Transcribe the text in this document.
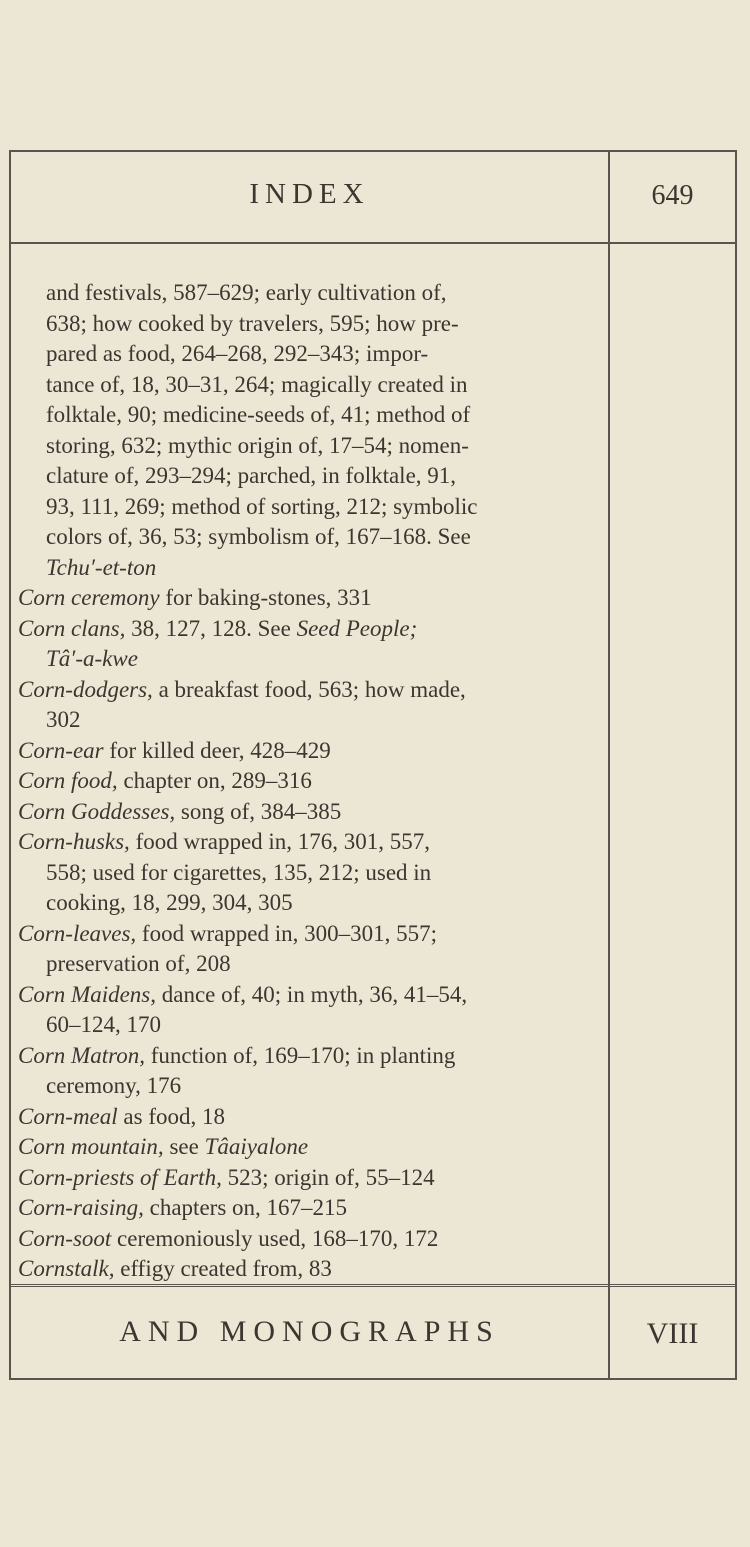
INDEX	649
AND MONOGRAPHS	VIII
and festivals, 587–629; early cultivation of,
638; how cooked by travelers, 595; how pre-
pared as food, 264–268, 292–343; impor-
tance of, 18, 30–31, 264; magically created in
folktale, 90; medicine-seeds of, 41; method of
storing, 632; mythic origin of, 17–54; nomen-
clature of, 293–294; parched, in folktale, 91,
93, 111, 269; method of sorting, 212; symbolic
colors of, 36, 53; symbolism of, 167–168. See
Tchu′-et-ton
Corn ceremony for baking-stones, 331
Corn clans, 38, 127, 128. See Seed People;
Tâ′-a-kwe
Corn-dodgers, a breakfast food, 563; how made,
302
Corn-ear for killed deer, 428–429
Corn food, chapter on, 289–316
Corn Goddesses, song of, 384–385
Corn-husks, food wrapped in, 176, 301, 557,
558; used for cigarettes, 135, 212; used in
cooking, 18, 299, 304, 305
Corn-leaves, food wrapped in, 300–301, 557;
preservation of, 208
Corn Maidens, dance of, 40; in myth, 36, 41–54,
60–124, 170
Corn Matron, function of, 169–170; in planting
ceremony, 176
Corn-meal as food, 18
Corn mountain, see Tâaiyalone
Corn-priests of Earth, 523; origin of, 55–124
Corn-raising, chapters on, 167–215
Corn-soot ceremoniously used, 168–170, 172
Cornstalk, effigy created from, 83
